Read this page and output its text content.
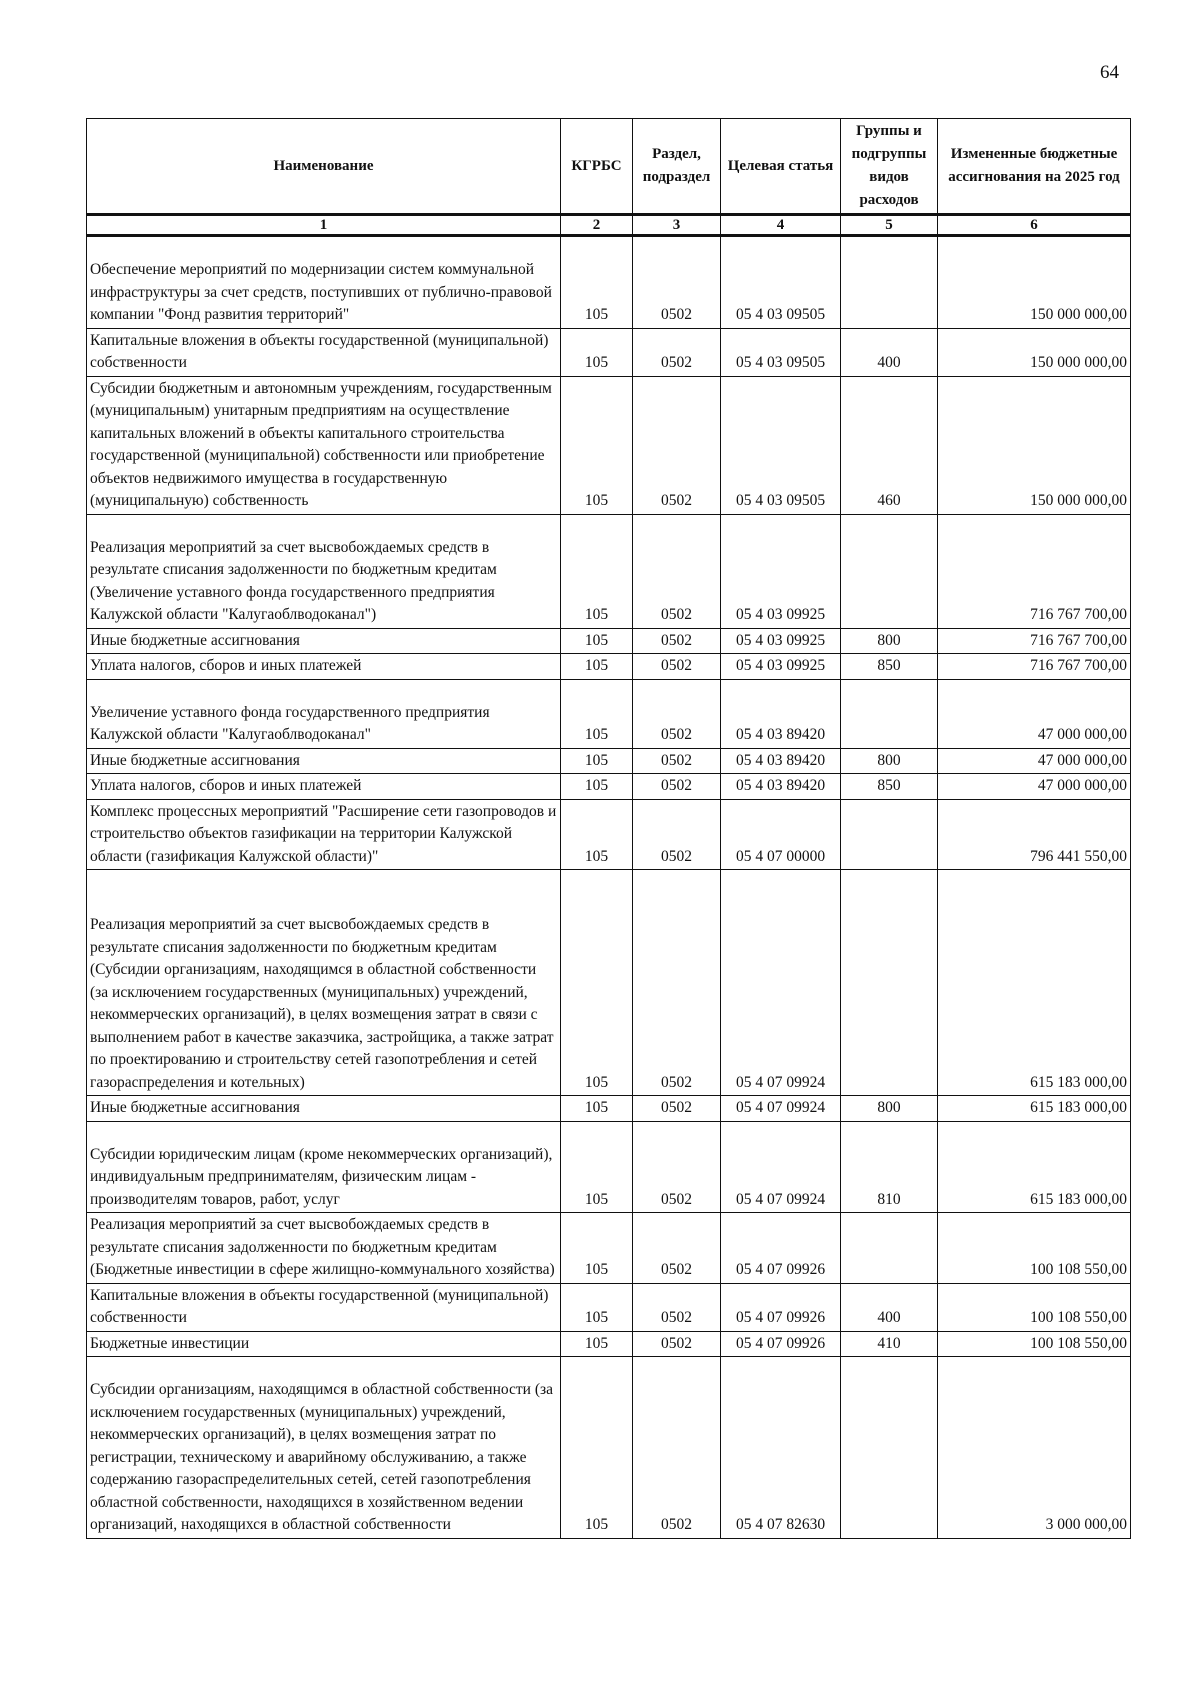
64
Наименование	КГРБС	Раздел, подраздел	Целевая статья	Группы и подгруппы видов расходов	Измененные бюджетные ассигнования на 2025 год
1	2	3	4	5	6
Обеспечение мероприятий по модернизации систем коммунальной инфраструктуры за счет средств, поступивших от публично-правовой компании "Фонд развития территорий"	105	0502	05 4 03 09505		150 000 000,00
Капитальные вложения в объекты государственной (муниципальной) собственности	105	0502	05 4 03 09505	400	150 000 000,00
Субсидии бюджетным и автономным учреждениям, государственным (муниципальным) унитарным предприятиям на осуществление капитальных вложений в объекты капитального строительства государственной (муниципальной) собственности или приобретение объектов недвижимого имущества в государственную (муниципальную) собственность	105	0502	05 4 03 09505	460	150 000 000,00
Реализация мероприятий за счет высвобождаемых средств в результате списания задолженности по бюджетным кредитам (Увеличение уставного фонда государственного предприятия Калужской области "Калугаоблводоканал")	105	0502	05 4 03 09925		716 767 700,00
Иные бюджетные ассигнования	105	0502	05 4 03 09925	800	716 767 700,00
Уплата налогов, сборов и иных платежей	105	0502	05 4 03 09925	850	716 767 700,00
Увеличение уставного фонда государственного предприятия Калужской области "Калугаоблводоканал"	105	0502	05 4 03 89420		47 000 000,00
Иные бюджетные ассигнования	105	0502	05 4 03 89420	800	47 000 000,00
Уплата налогов, сборов и иных платежей	105	0502	05 4 03 89420	850	47 000 000,00
Комплекс процессных мероприятий "Расширение сети газопроводов и строительство объектов газификации на территории Калужской области (газификация Калужской области)"	105	0502	05 4 07 00000		796 441 550,00
Реализация мероприятий за счет высвобождаемых средств в результате списания задолженности по бюджетным кредитам (Субсидии организациям, находящимся в областной собственности (за исключением государственных (муниципальных) учреждений, некоммерческих организаций), в целях возмещения затрат в связи с выполнением работ в качестве заказчика, застройщика, а также затрат по проектированию и строительству сетей газопотребления и сетей газораспределения и котельных)	105	0502	05 4 07 09924		615 183 000,00
Иные бюджетные ассигнования	105	0502	05 4 07 09924	800	615 183 000,00
Субсидии юридическим лицам (кроме некоммерческих организаций), индивидуальным предпринимателям, физическим лицам - производителям товаров, работ, услуг	105	0502	05 4 07 09924	810	615 183 000,00
Реализация мероприятий за счет высвобождаемых средств в результате списания задолженности по бюджетным кредитам (Бюджетные инвестиции в сфере жилищно-коммунального хозяйства)	105	0502	05 4 07 09926		100 108 550,00
Капитальные вложения в объекты государственной (муниципальной) собственности	105	0502	05 4 07 09926	400	100 108 550,00
Бюджетные инвестиции	105	0502	05 4 07 09926	410	100 108 550,00
Субсидии организациям, находящимся в областной собственности (за исключением государственных (муниципальных) учреждений, некоммерческих организаций), в целях возмещения затрат по регистрации, техническому и аварийному обслуживанию, а также содержанию газораспределительных сетей, сетей газопотребления областной собственности, находящихся в хозяйственном ведении организаций, находящихся в областной собственности	105	0502	05 4 07 82630		3 000 000,00
